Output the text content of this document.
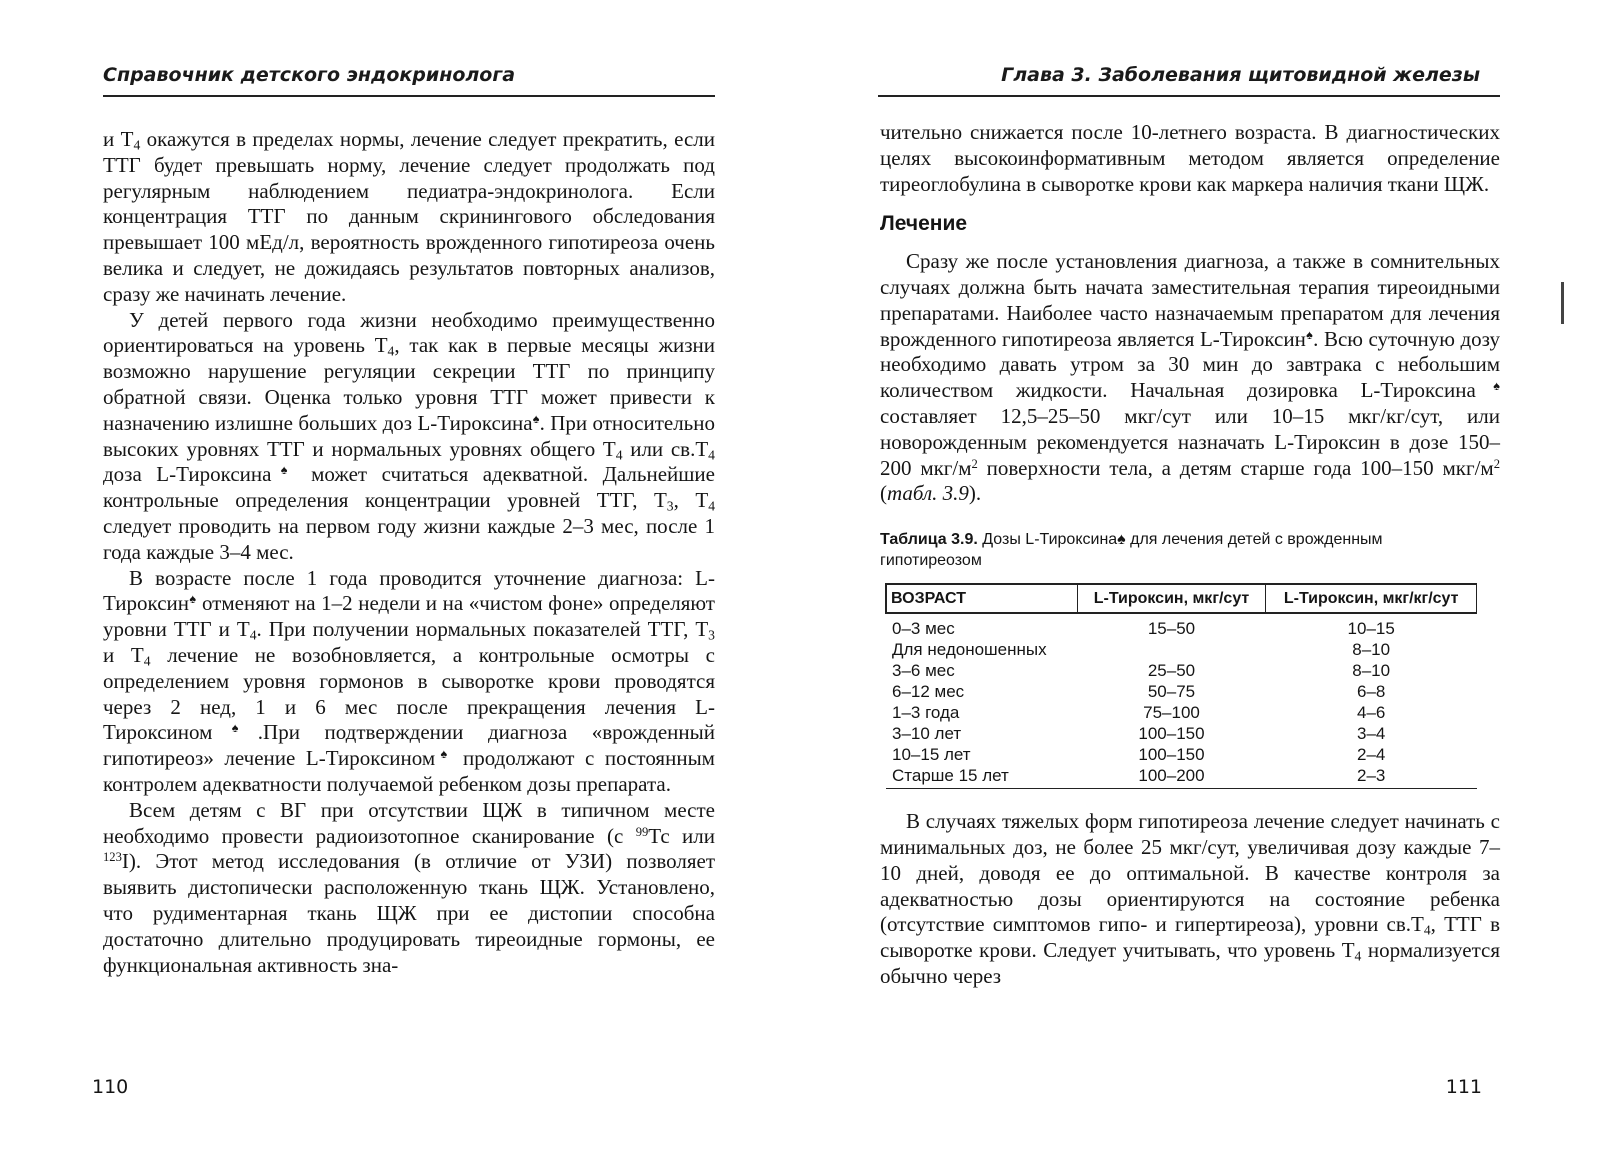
Справочник детского эндокринолога

и $Т_4$ окажутся в пределах нормы, лечение следует прекратить, если ТТГ будет превышать норму, лечение следует продолжать под регулярным наблюдением педиатра-эндокринолога. Если концентрация ТТГ по данным скринингового обследования превышает 100 мЕд/л, вероятность врожденного гипотиреоза очень велика и следует, не дожидаясь результатов повторных анализов, сразу же начинать лечение.

У детей первого года жизни необходимо преимущественно ориентироваться на уровень $Т_4$, так как в первые месяцы жизни возможно нарушение регуляции секреции ТТГ по принципу обратной связи. Оценка только уровня ТТГ может привести к назначению излишне больших доз L-Тироксина♠. При относительно высоких уровнях ТТГ и нормальных уровнях общего $Т_4$ или $св.Т_4$ доза L-Тироксина♠ может считаться адекватной. Дальнейшие контрольные определения концентрации уровней ТТГ, $Т_3$, $Т_4$ следует проводить на первом году жизни каждые 2–3 мес, после 1 года каждые 3–4 мес.

В возрасте после 1 года проводится уточнение диагноза: L-Тироксин♠ отменяют на 1–2 недели и на «чистом фоне» определяют уровни ТТГ и $Т_4$. При получении нормальных показателей ТТГ, $Т_3$ и $Т_4$ лечение не возобновляется, а контрольные осмотры с определением уровня гормонов в сыворотке крови проводятся через 2 нед, 1 и 6 мес после прекращения лечения L-Тироксином♠.При подтверждении диагноза «врожденный гипотиреоз» лечение L-Тироксином♠ продолжают с постоянным контролем адекватности получаемой ребенком дозы препарата.

Всем детям с ВГ при отсутствии ЩЖ в типичном месте необходимо провести радиоизотопное сканирование (с $^{99}$Тс или $^{123}$I). Этот метод исследования (в отличие от УЗИ) позволяет выявить дистопически расположенную ткань ЩЖ. Установлено, что рудиментарная ткань ЩЖ при ее дистопии способна достаточно длительно продуцировать тиреоидные гормоны, ее функциональная активность зна-

110
Глава 3. Заболевания щитовидной железы

чительно снижается после 10-летнего возраста. В диагностических целях высокоинформативным методом является определение тиреоглобулина в сыворотке крови как маркера наличия ткани ЩЖ.

Лечение

Сразу же после установления диагноза, а также в сомнительных случаях должна быть начата заместительная терапия тиреоидными препаратами. Наиболее часто назначаемым препаратом для лечения врожденного гипотиреоза является L-Тироксин♠. Всю суточную дозу необходимо давать утром за 30 мин до завтрака с небольшим количеством жидкости. Начальная дозировка L-Тироксина♠ составляет 12,5–25–50 мкг/сут или 10–15 мкг/кг/сут, или новорожденным рекомендуется назначать L-Тироксин в дозе 150–200 мкг/$м^2$ поверхности тела, а детям старше года 100–150 мкг/$м^2$ (табл. 3.9).

Таблица 3.9. Дозы L-Тироксина♠ для лечения детей с врожденным гипотиреозом
ВОЗРАСТ	L-Тироксин, мкг/сут	L-Тироксин, мкг/кг/сут
0–3 мес	15–50	10–15
Для недоношенных		8–10
3–6 мес	25–50	8–10
6–12 мес	50–75	6–8
1–3 года	75–100	4–6
3–10 лет	100–150	3–4
10–15 лет	100–150	2–4
Старше 15 лет	100–200	2–3

В случаях тяжелых форм гипотиреоза лечение следует начинать с минимальных доз, не более 25 мкг/сут, увеличивая дозу каждые 7–10 дней, доводя ее до оптимальной. В качестве контроля за адекватностью дозы ориентируются на состояние ребенка (отсутствие симптомов гипо- и гипертиреоза), уровни $св.Т_4$, ТТГ в сыворотке крови. Следует учитывать, что уровень $Т_4$ нормализуется обычно через

111
